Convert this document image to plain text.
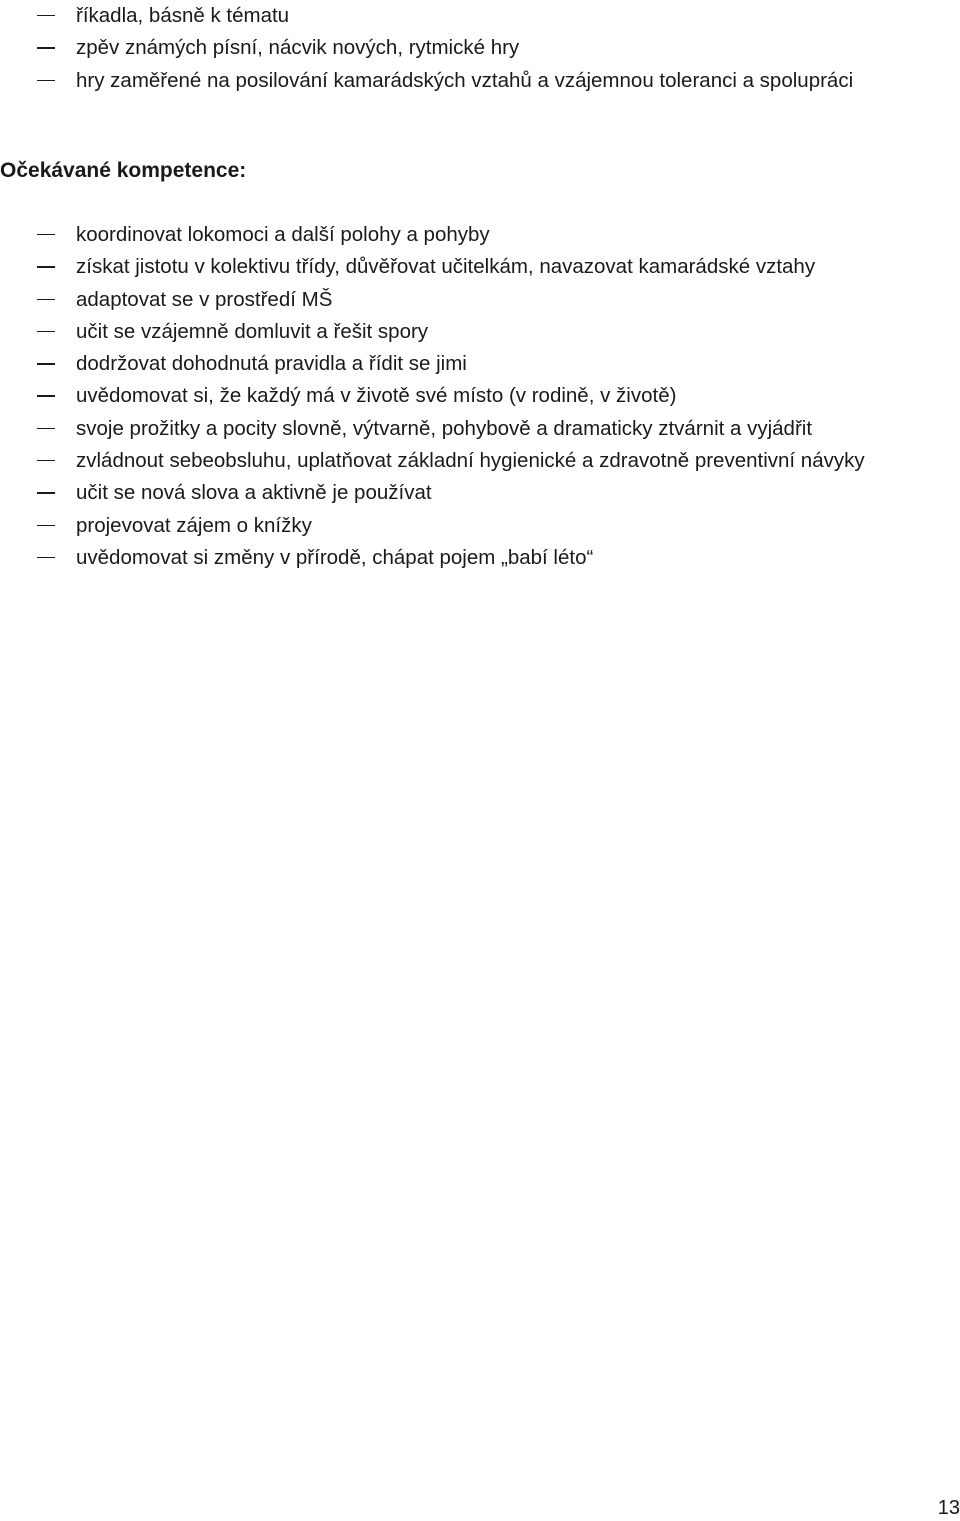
říkadla, básně k tématu
zpěv známých písní, nácvik nových, rytmické hry
hry zaměřené na posilování kamarádských vztahů a vzájemnou toleranci a spolupráci
Očekávané kompetence:
koordinovat lokomoci a další polohy a pohyby
získat jistotu v kolektivu třídy, důvěřovat učitelkám, navazovat kamarádské vztahy
adaptovat se v prostředí MŠ
učit se vzájemně domluvit a řešit spory
dodržovat dohodnutá pravidla a řídit se jimi
uvědomovat si, že každý má v životě své místo (v rodině, v životě)
svoje prožitky a pocity slovně, výtvarně, pohybově a dramaticky ztvárnit a vyjádřit
zvládnout sebeobsluhu, uplatňovat základní hygienické a zdravotně preventivní návyky
učit se nová slova a aktivně je používat
projevovat zájem o knížky
uvědomovat si změny v přírodě, chápat pojem „babí léto“
13
